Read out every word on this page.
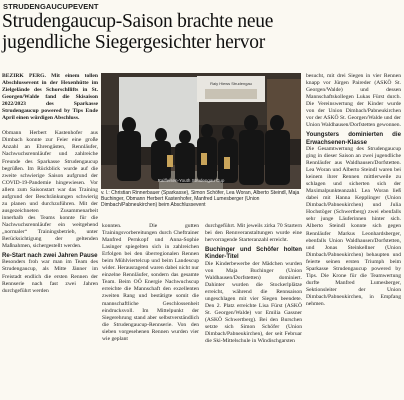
STRUDENGAUCUPEVENT
Strudengaucup-Saison brachte neue
jugendliche Siegergesichter hervor

BEZIRK PERG. Mit einem tollen Abschlussevent in der Hexenhütte im Zielgelände des Schorschllifts in St. Georgen/Walde fand die Skisaison 2022/2023 des Sparkasse Strudengaucup powered by Tips Ende April einen würdigen Abschluss.

Obmann Herbert Kastenhofer aus Dimbach konnte zur Feier eine große Anzahl an Ehrengästen, Rennläufer, Nachwuchsrennläufer und zahlreiche Freunde des Sparkasse Strudengaucup begrüßen. Im Rückblick wurde auf die zweite schwierige Saison aufgrund der COVID-19-Pandemie hingewiesen. Vor allem zum Saisonstart war das Training aufgrund der Beschränkungen schwierig zu planen und durchzuführen. Mit der ausgezeichneten Zusammenarbeit innerhalb des Teams konnte für die Nachwuchsrennläufer ein weitgehend „normaler“ Trainingsbetrieb, unter Berücksichtigung der geltenden Maßnahmen, sichergestellt werden.

Re-Start nach zwei Jahren Pause

Besonders froh war man im Team des Strudengaucup, als Mitte Jänner im Freistadt endlich die ersten Rennen der Rennserie nach fast zwei Jahren durchgeführt werden

Raiy Hiews Strudengau
Raiffeisen-Youth Strudengau Cup
v. l.: Christian Rinnerbauer (Sparkasse), Simon Schöfer, Lea Woran, Alberto Steindl, Maja Buchinger, Obmann Herbert Kastenhofer, Manfred Lumesberger (Union Dimbach/Pabneukirchen) beim Abschlussevent

konnten. Die gutten Trainingsvorbereitungen durch Cheftrainer Manfred Pernkopf und Anna-Sophie Lasinger spiegelten sich in zahlreichen Erfolgen bei den überregionalen Rennen beim Mühlviertelcup und beim Landescup wider. Herausragend waren dabei nicht nur einzelne Rennläufer, sondern das gesamte Team. Beim OÖ Energie Nachwuchscup erreichte die Mannschaft den exzellenten zweiten Rang und bestätigte somit die mannschaftliche Geschlossenheit eindrucksvoll. Im Mittelpunkt der Siegerehrung stand aber selbstverständlich die Strudengaucup-Rennserie. Von den sieben vorgesehenen Rennen wurden vier wie geplant

durchgeführt. Mit jeweils zirka 70 Startern bei den Rennveranstaltungen wurde eine hervorragende Starteranzahl erreicht.

Buchinger und Schöfer holten Kinder-Titel

Die Kinderbewerbe der Mädchen wurden von Maja Buchinger (Union Waldhausen/Dorfstetten) dominiert. Dahinter wurden die Stockerlplätze erreicht, während die Rennsaison ungeschlagen mit vier Siegen beendete. Den 2. Platz erreichte Lisa Fürst (ASKÖ St. Georgen/Walde) vor Emilia Gassner (ASKÖ Schwertberg). Bei den Burschen setzte sich Simon Schöfer (Union Dimbach/Pabneukirchen), der seit Februar die Ski-Mittelschule in Windischgarsten

besucht, mit drei Siegen in vier Rennen knapp vor Jürgen Paireder (ASKÖ St. Georgen/Walde) und dessen Mannschaftskollegen Lukas Fürst durch. Die Vereinswertung der Kinder wurde von der Union Dimbach/Pabneukirchen vor der ASKÖ St. Georgen/Walde und der Union Waldhausen/Dorfstetten gewonnen.

Youngsters dominierten die Erwachsenen-Klasse

Die Gesamtwertung des Strudengaucup ging in dieser Saison an zwei jugendliche Rennläufer aus Waldhausen/Dorfstetten. Lea Woran und Alberto Steindl waren bei keinem ihrer Rennen mittlerweile zu schlagen und sicherten sich der Maximalpunkteanzahl. Lea Woran ließ dabei mit Hanna Kepplinger (Union Dimbach/Pabneukirchen) und Julia Hochstöger (Schwertberg) zwei ebenfalls sehr junge Läuferinnen hinter sich. Alberto Steindl konnte sich gegen Rennläufer Markus Leonhardsberger, ebenfalls Union Waldhausen/Dorfstetten, und Jonas Steinkellner (Union Dimbach/Pabneukirchen) behaupten und feierte seinen ersten Triumph beim Sparkasse Strudengaucup powered by Tips. Die Krone für die Teamwertung durfte Manfred Lumesberger, Sektionsleiter der Union Dimbach/Pabneukirchen, in Empfang nehmen.
